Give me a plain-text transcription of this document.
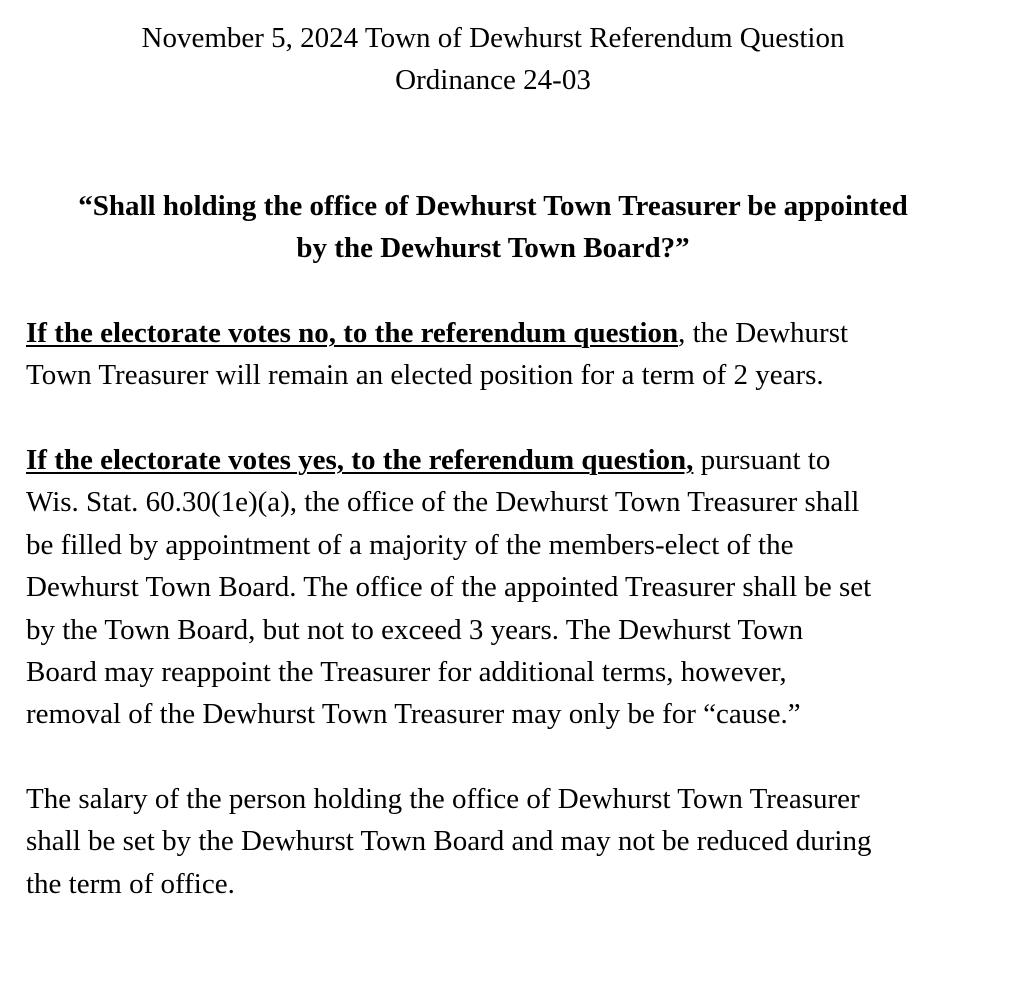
November 5, 2024 Town of Dewhurst Referendum Question
Ordinance 24-03
“Shall holding the office of Dewhurst Town Treasurer be appointed
by the Dewhurst Town Board?”
If the electorate votes no, to the referendum question, the Dewhurst
Town Treasurer will remain an elected position for a term of 2 years.
If the electorate votes yes, to the referendum question, pursuant to
Wis. Stat. 60.30(1e)(a), the office of the Dewhurst Town Treasurer shall
be filled by appointment of a majority of the members-elect of the
Dewhurst Town Board. The office of the appointed Treasurer shall be set
by the Town Board, but not to exceed 3 years. The Dewhurst Town
Board may reappoint the Treasurer for additional terms, however,
removal of the Dewhurst Town Treasurer may only be for “cause.”
The salary of the person holding the office of Dewhurst Town Treasurer
shall be set by the Dewhurst Town Board and may not be reduced during
the term of office.
